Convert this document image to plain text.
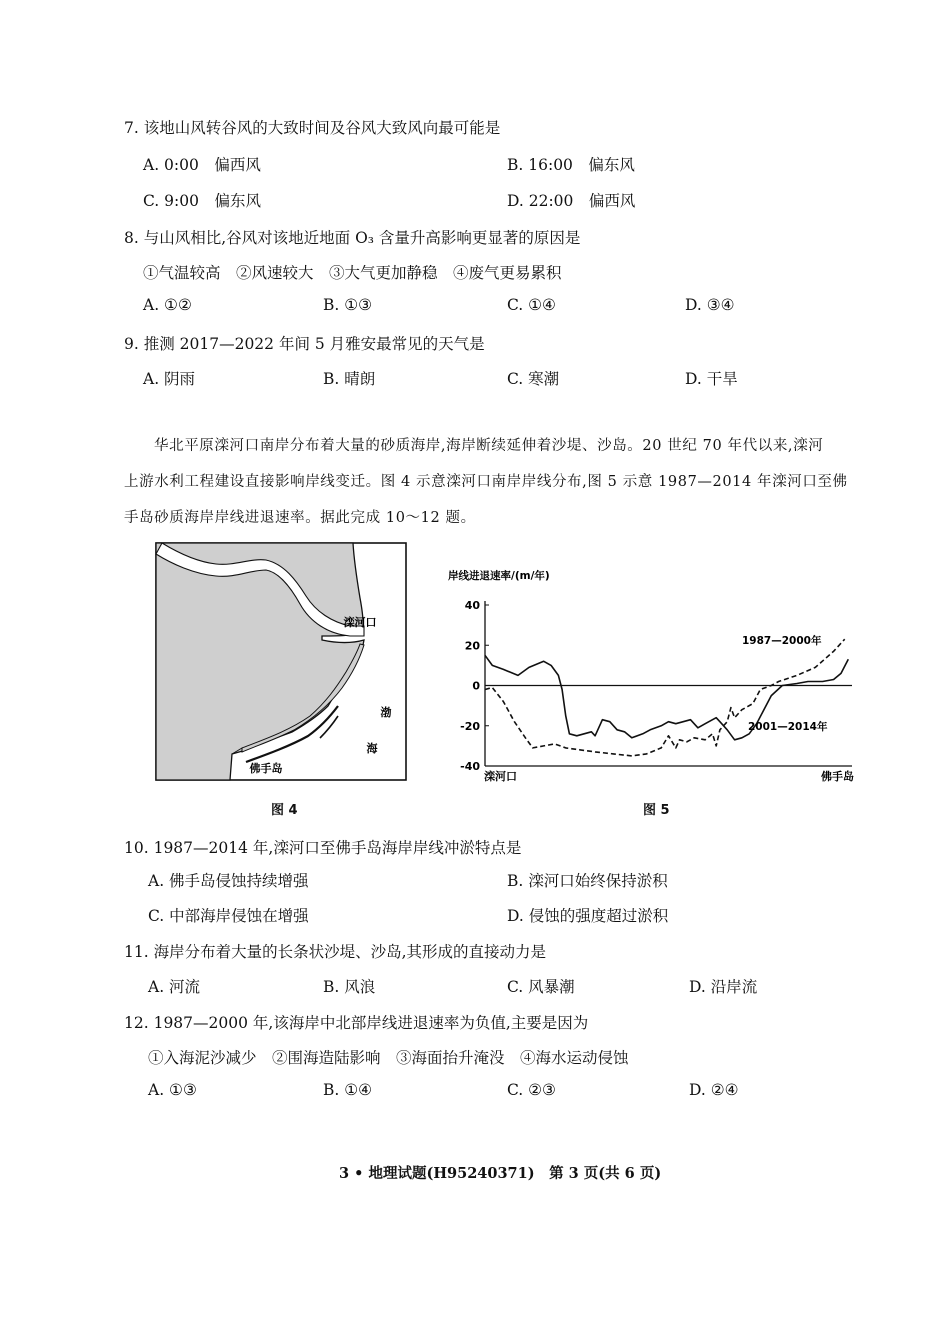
7. 该地山风转谷风的大致时间及谷风大致风向最可能是
A. 0:00　偏西风	B. 16:00　偏东风
C. 9:00　偏东风	D. 22:00　偏西风
8. 与山风相比,谷风对该地近地面 O₃ 含量升高影响更显著的原因是
①气温较高　②风速较大　③大气更加静稳　④废气更易累积
A. ①②	B. ①③	C. ①④	D. ③④
9. 推测 2017—2022 年间 5 月雅安最常见的天气是
A. 阴雨	B. 晴朗	C. 寒潮	D. 干旱
华北平原滦河口南岸分布着大量的砂质海岸,海岸断续延伸着沙堤、沙岛。20 世纪 70 年代以来,滦河
上游水利工程建设直接影响岸线变迁。图 4 示意滦河口南岸岸线分布,图 5 示意 1987—2014 年滦河口至佛
手岛砂质海岸岸线进退速率。据此完成 10～12 题。
滦河口
渤
海
佛手岛
图 4
岸线进退速率/(m/年)
40
20
0
-20
-40
滦河口	佛手岛
1987—2000年
2001—2014年
图 5
10. 1987—2014 年,滦河口至佛手岛海岸岸线冲淤特点是
A. 佛手岛侵蚀持续增强	B. 滦河口始终保持淤积
C. 中部海岸侵蚀在增强	D. 侵蚀的强度超过淤积
11. 海岸分布着大量的长条状沙堤、沙岛,其形成的直接动力是
A. 河流	B. 风浪	C. 风暴潮	D. 沿岸流
12. 1987—2000 年,该海岸中北部岸线进退速率为负值,主要是因为
①入海泥沙减少　②围海造陆影响　③海面抬升淹没　④海水运动侵蚀
A. ①③	B. ①④	C. ②③	D. ②④
3 • 地理试题(H95240371)　第 3 页(共 6 页)
